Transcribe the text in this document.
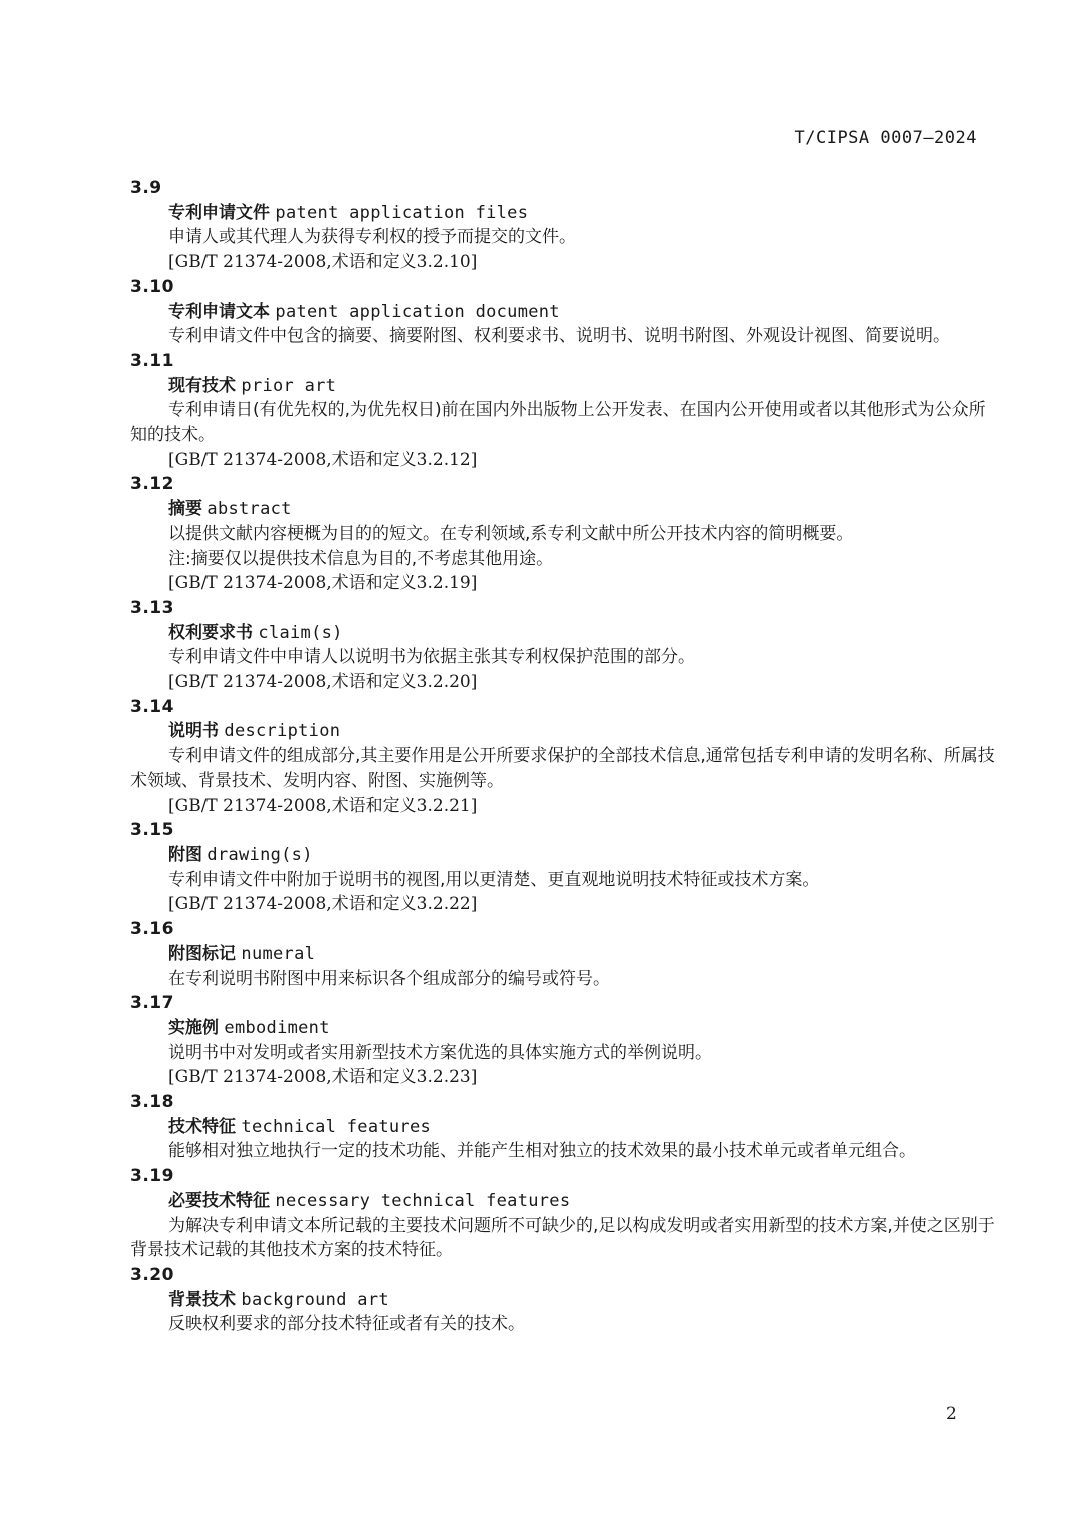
T/CIPSA 0007—2024
3.9
专利申请文件 patent application files
申请人或其代理人为获得专利权的授予而提交的文件。
[GB/T 21374-2008,术语和定义3.2.10]
3.10
专利申请文本 patent application document
专利申请文件中包含的摘要、摘要附图、权利要求书、说明书、说明书附图、外观设计视图、简要说明。
3.11
现有技术 prior art
专利申请日(有优先权的,为优先权日)前在国内外出版物上公开发表、在国内公开使用或者以其他形式为公众所知的技术。
[GB/T 21374-2008,术语和定义3.2.12]
3.12
摘要 abstract
以提供文献内容梗概为目的的短文。在专利领域,系专利文献中所公开技术内容的简明概要。
注:摘要仅以提供技术信息为目的,不考虑其他用途。
[GB/T 21374-2008,术语和定义3.2.19]
3.13
权利要求书 claim(s)
专利申请文件中申请人以说明书为依据主张其专利权保护范围的部分。
[GB/T 21374-2008,术语和定义3.2.20]
3.14
说明书 description
专利申请文件的组成部分,其主要作用是公开所要求保护的全部技术信息,通常包括专利申请的发明名称、所属技术领域、背景技术、发明内容、附图、实施例等。
[GB/T 21374-2008,术语和定义3.2.21]
3.15
附图 drawing(s)
专利申请文件中附加于说明书的视图,用以更清楚、更直观地说明技术特征或技术方案。
[GB/T 21374-2008,术语和定义3.2.22]
3.16
附图标记 numeral
在专利说明书附图中用来标识各个组成部分的编号或符号。
3.17
实施例 embodiment
说明书中对发明或者实用新型技术方案优选的具体实施方式的举例说明。
[GB/T 21374-2008,术语和定义3.2.23]
3.18
技术特征 technical features
能够相对独立地执行一定的技术功能、并能产生相对独立的技术效果的最小技术单元或者单元组合。
3.19
必要技术特征 necessary technical features
为解决专利申请文本所记载的主要技术问题所不可缺少的,足以构成发明或者实用新型的技术方案,并使之区别于背景技术记载的其他技术方案的技术特征。
3.20
背景技术 background art
反映权利要求的部分技术特征或者有关的技术。
2
